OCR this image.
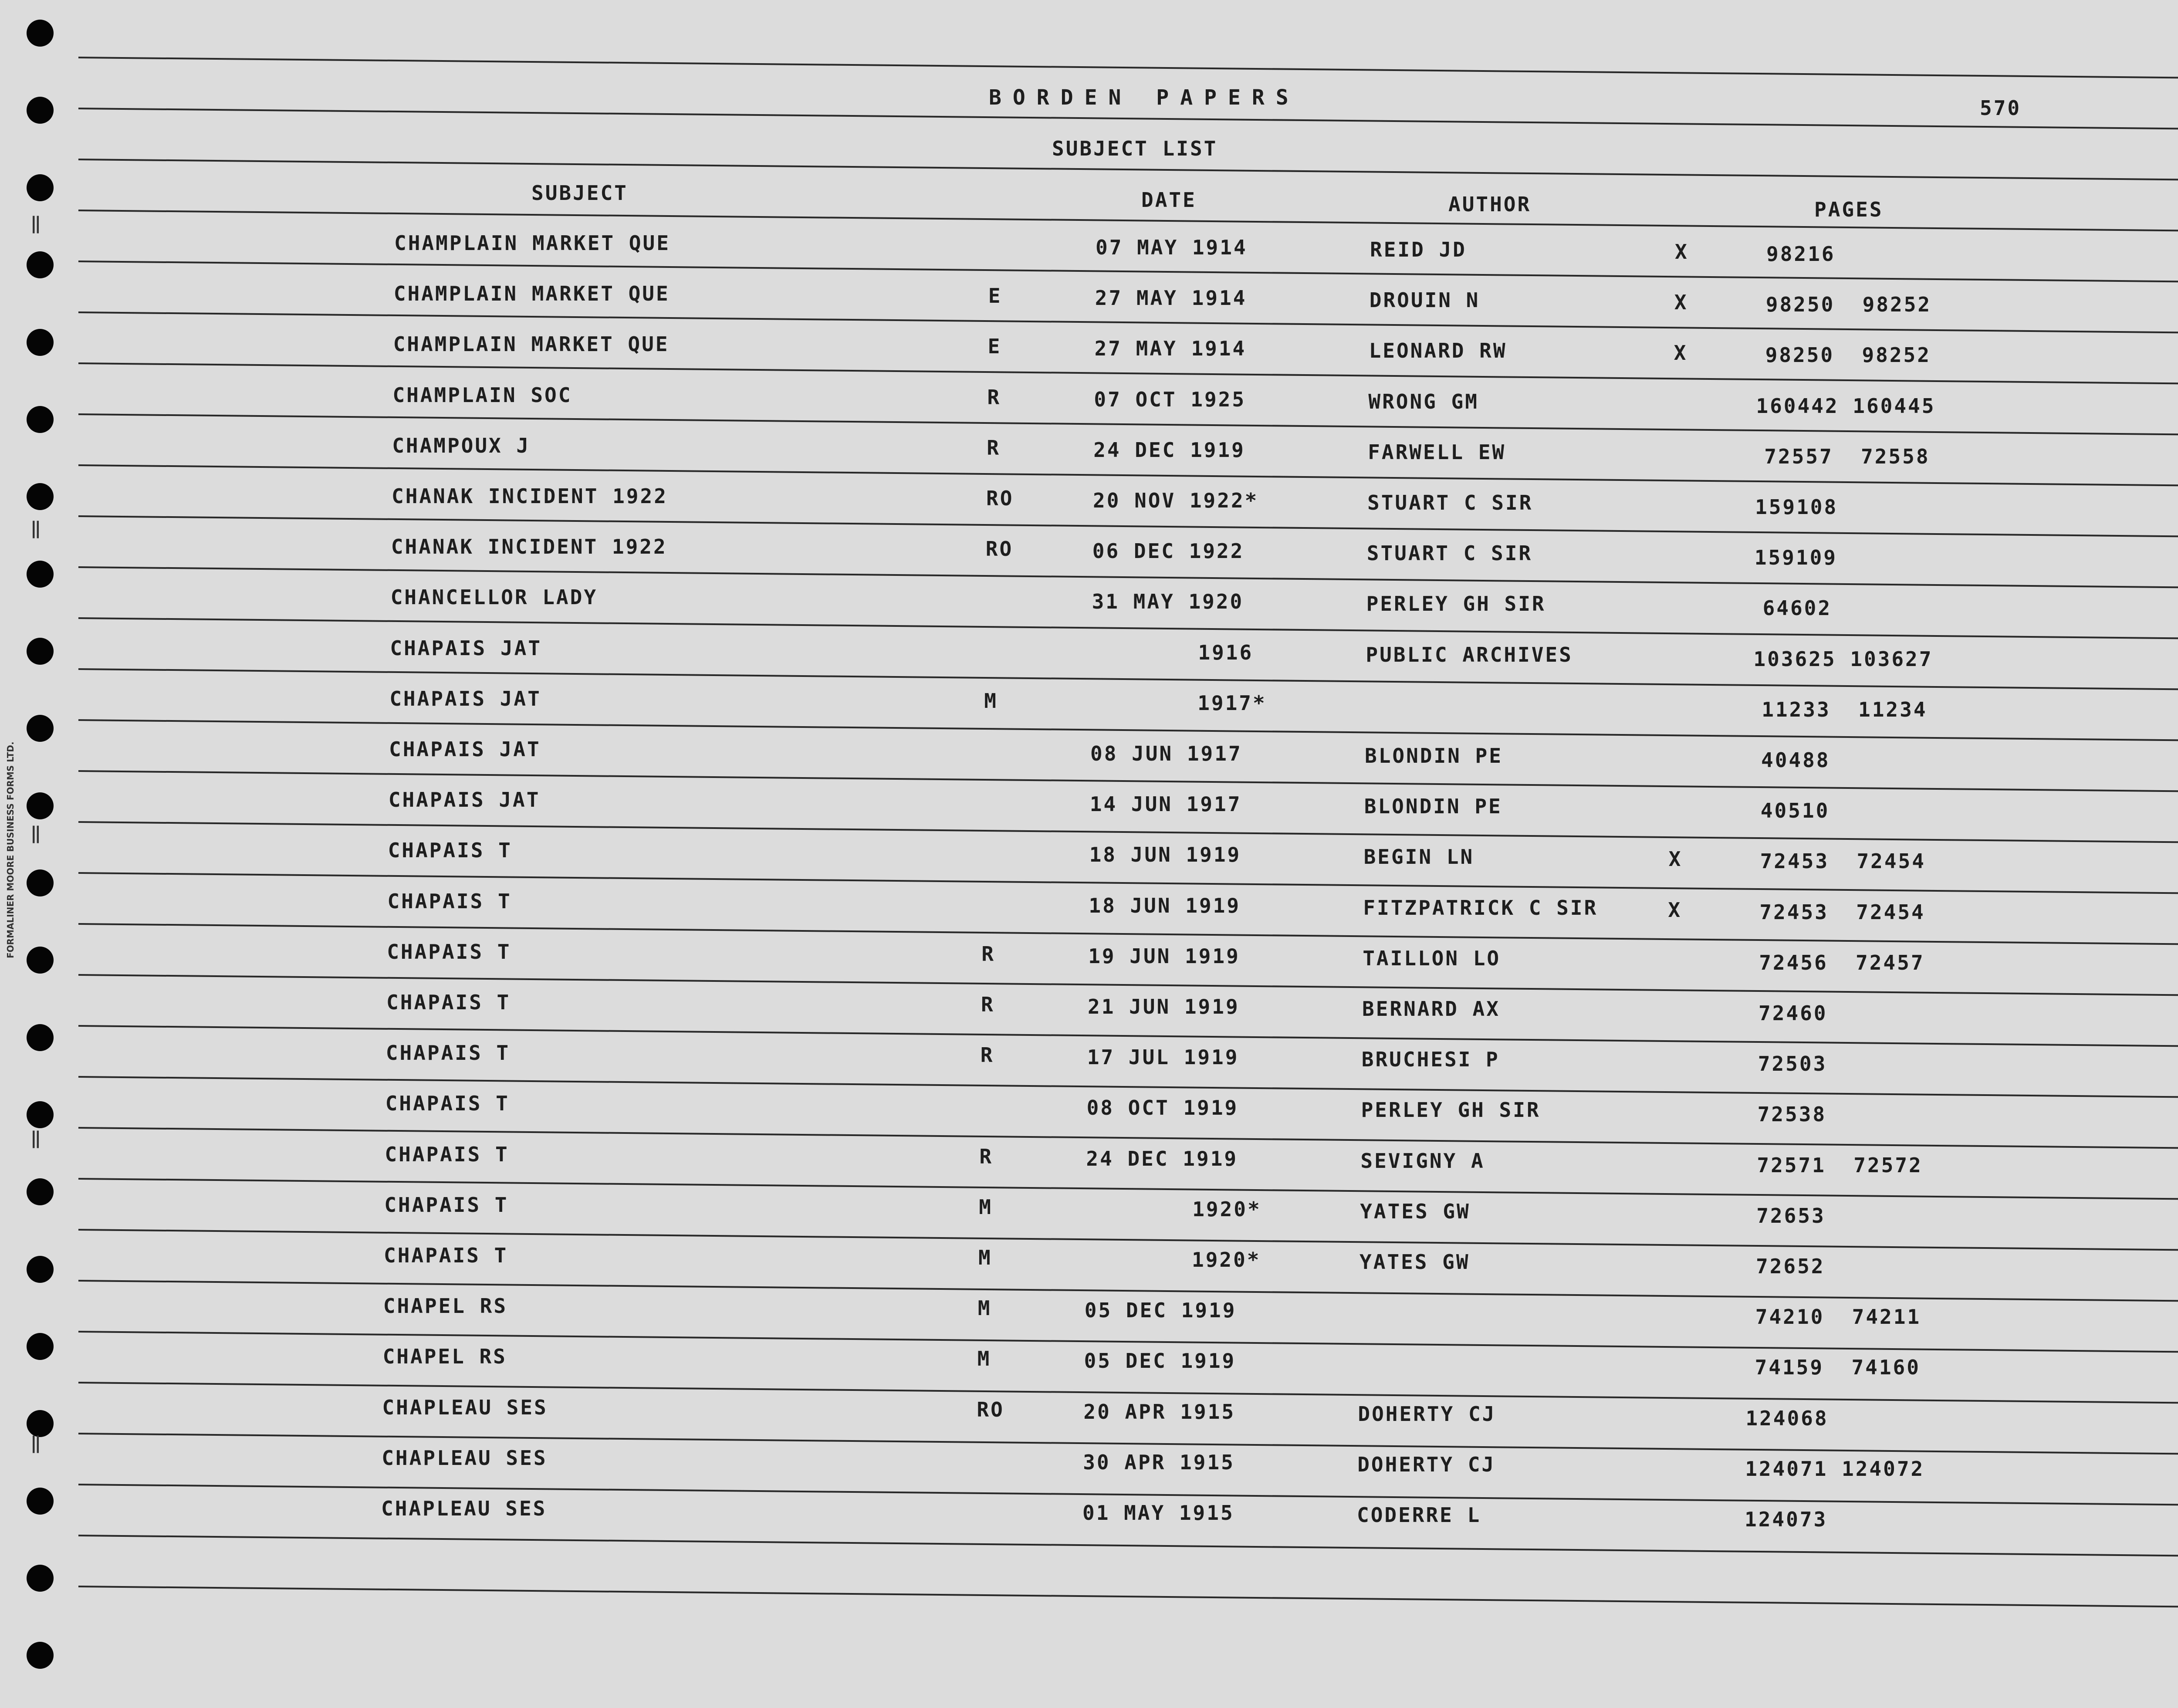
FORMALINER MOORE BUSINESS FORMS LTD.
BORDEN PAPERS	570
SUBJECT LIST
SUBJECT	DATE	AUTHOR	PAGES
CHAMPLAIN MARKET QUE	07 MAY 1914	REID JD	X	98216
CHAMPLAIN MARKET QUE	E	27 MAY 1914	DROUIN N	X	98250  98252
CHAMPLAIN MARKET QUE	E	27 MAY 1914	LEONARD RW	X	98250  98252
CHAMPLAIN SOC	R	07 OCT 1925	WRONG GM	160442 160445
CHAMPOUX J	R	24 DEC 1919	FARWELL EW	72557  72558
CHANAK INCIDENT 1922	RO	20 NOV 1922*	STUART C SIR	159108
CHANAK INCIDENT 1922	RO	06 DEC 1922	STUART C SIR	159109
CHANCELLOR LADY	31 MAY 1920	PERLEY GH SIR	64602
CHAPAIS JAT	1916	PUBLIC ARCHIVES	103625 103627
CHAPAIS JAT	M	1917*	11233  11234
CHAPAIS JAT	08 JUN 1917	BLONDIN PE	40488
CHAPAIS JAT	14 JUN 1917	BLONDIN PE	40510
CHAPAIS T	18 JUN 1919	BEGIN LN	X	72453  72454
CHAPAIS T	18 JUN 1919	FITZPATRICK C SIR	X	72453  72454
CHAPAIS T	R	19 JUN 1919	TAILLON LO	72456  72457
CHAPAIS T	R	21 JUN 1919	BERNARD AX	72460
CHAPAIS T	R	17 JUL 1919	BRUCHESI P	72503
CHAPAIS T	08 OCT 1919	PERLEY GH SIR	72538
CHAPAIS T	R	24 DEC 1919	SEVIGNY A	72571  72572
CHAPAIS T	M	1920*	YATES GW	72653
CHAPAIS T	M	1920*	YATES GW	72652
CHAPEL RS	M	05 DEC 1919	74210  74211
CHAPEL RS	M	05 DEC 1919	74159  74160
CHAPLEAU SES	RO	20 APR 1915	DOHERTY CJ	124068
CHAPLEAU SES	30 APR 1915	DOHERTY CJ	124071 124072
CHAPLEAU SES	01 MAY 1915	CODERRE L	124073
‖
‖
‖
‖
‖
